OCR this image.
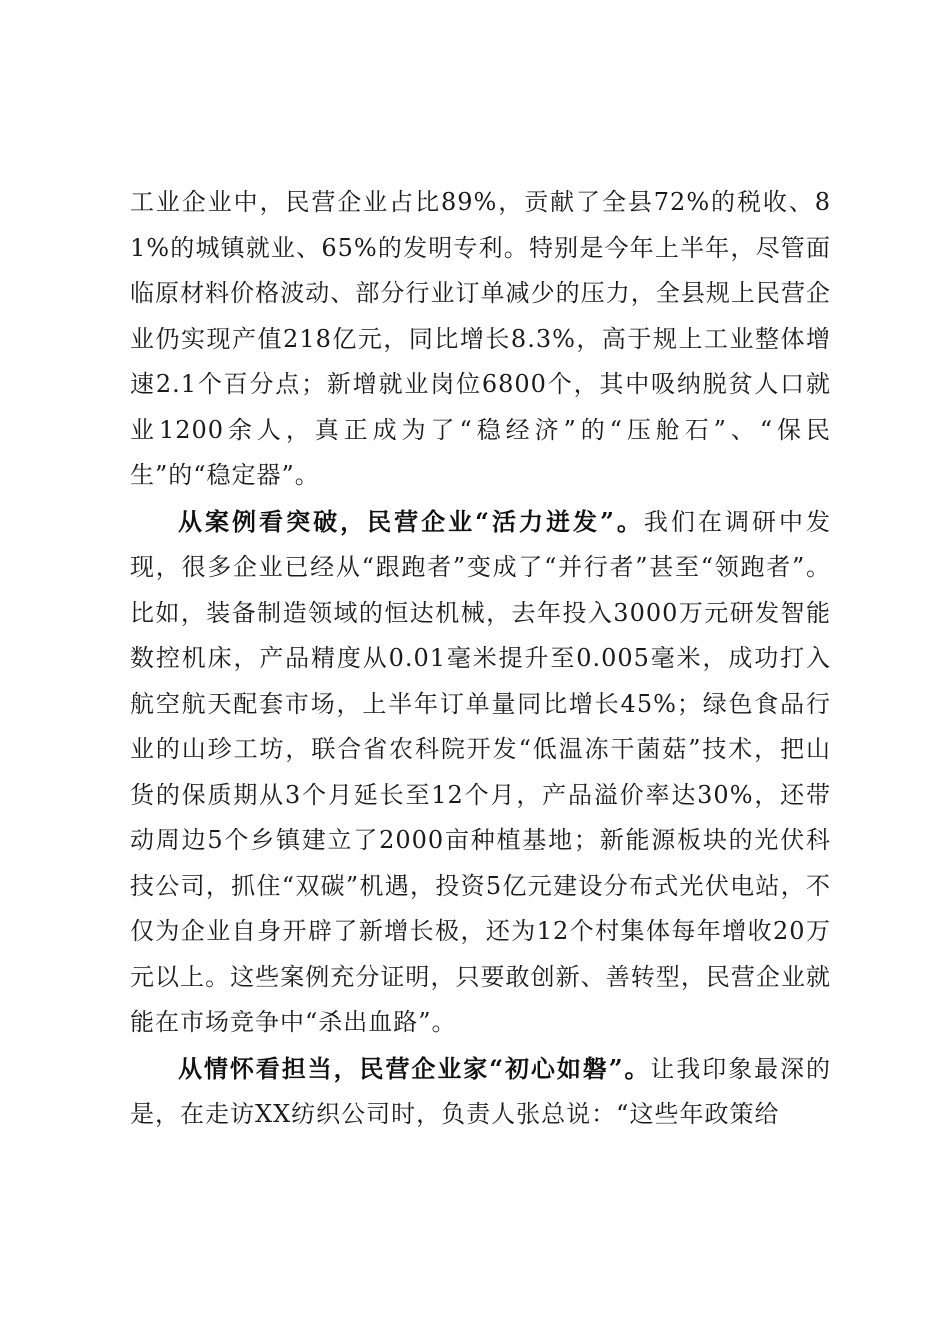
工业企业中，民营企业占比89%，贡献了全县72%的税收、81%的城镇就业、65%的发明专利。特别是今年上半年，尽管面临原材料价格波动、部分行业订单减少的压力，全县规上民营企业仍实现产值218亿元，同比增长8.3%，高于规上工业整体增速2.1个百分点；新增就业岗位6800个，其中吸纳脱贫人口就业1200余人，真正成为了“稳经济”的“压舱石”、“保民生”的“稳定器”。

从案例看突破，民营企业“活力迸发”。我们在调研中发现，很多企业已经从“跟跑者”变成了“并行者”甚至“领跑者”。比如，装备制造领域的恒达机械，去年投入3000万元研发智能数控机床，产品精度从0.01毫米提升至0.005毫米，成功打入航空航天配套市场，上半年订单量同比增长45%；绿色食品行业的山珍工坊，联合省农科院开发“低温冻干菌菇”技术，把山货的保质期从3个月延长至12个月，产品溢价率达30%，还带动周边5个乡镇建立了2000亩种植基地；新能源板块的光伏科技公司，抓住“双碳”机遇，投资5亿元建设分布式光伏电站，不仅为企业自身开辟了新增长极，还为12个村集体每年增收20万元以上。这些案例充分证明，只要敢创新、善转型，民营企业就能在市场竞争中“杀出血路”。

从情怀看担当，民营企业家“初心如磐”。让我印象最深的是，在走访XX纺织公司时，负责人张总说：“这些年政策给
